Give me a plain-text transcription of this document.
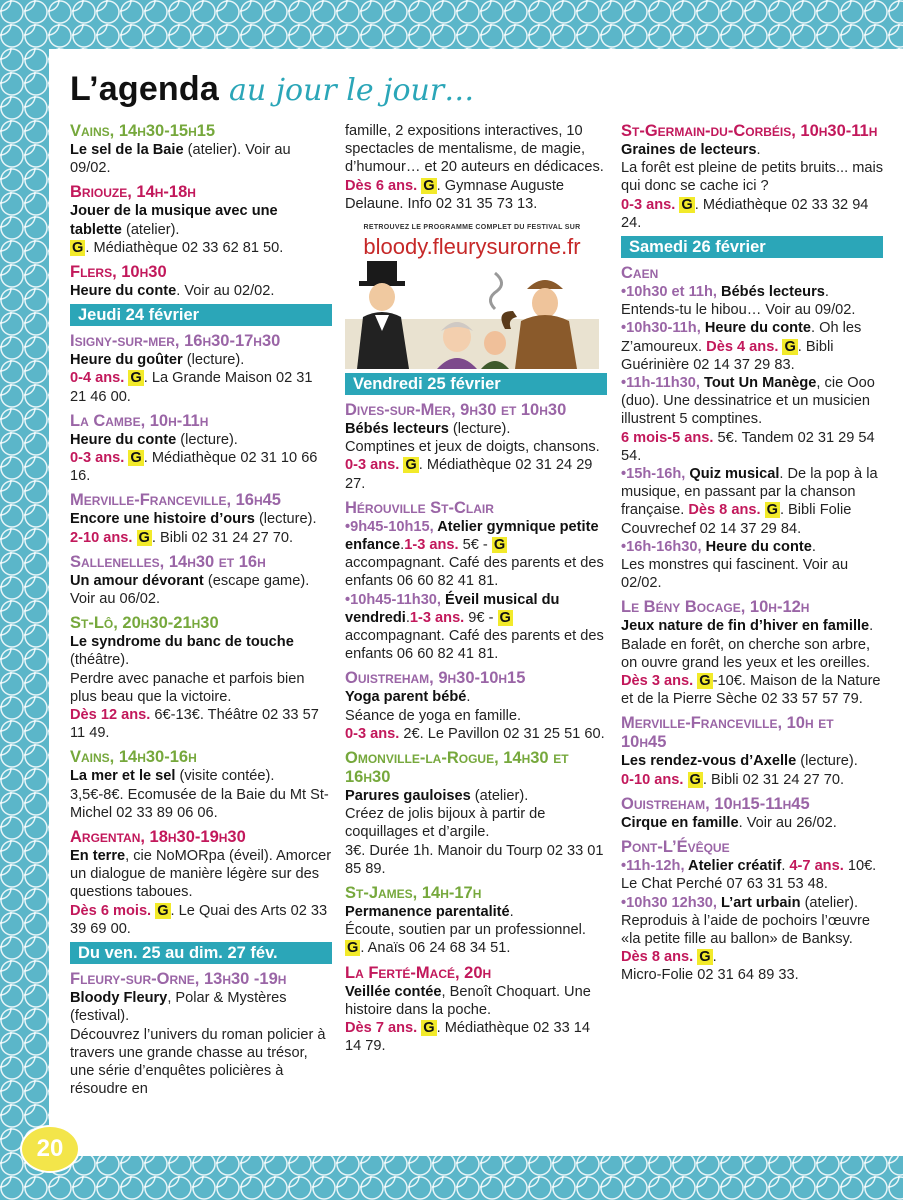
L’agenda au jour le jour…
Vains, 14h30-15h15
Le sel de la Baie (atelier). Voir au 09/02.
Briouze, 14h-18h
Jouer de la musique avec une tablette (atelier).
G . Médiathèque 02 33 62 81 50.
Flers, 10h30
Heure du conte. Voir au 02/02.
Jeudi 24 février
Isigny-sur-mer, 16h30-17h30
Heure du goûter (lecture).
0-4 ans. G . La Grande Maison 02 31 21 46 00.
La Cambe, 10h-11h
Heure du conte (lecture).
0-3 ans. G . Médiathèque 02 31 10 66 16.
Merville-Franceville, 16h45
Encore une histoire d’ours (lecture).
2-10 ans. G . Bibli 02 31 24 27 70.
Sallenelles, 14h30 et 16h
Un amour dévorant (escape game). Voir au 06/02.
St-Lô, 20h30-21h30
Le syndrome du banc de touche (théâtre).
Perdre avec panache et parfois bien plus beau que la victoire.
Dès 12 ans. 6€-13€. Théâtre 02 33 57 11 49.
Vains, 14h30-16h
La mer et le sel (visite contée).
3,5€-8€. Ecomusée de la Baie du Mt St-Michel 02 33 89 06 06.
Argentan, 18h30-19h30
En terre, cie NoMORpa (éveil). Amorcer un dialogue de manière légère sur des questions taboues.
Dès 6 mois. G . Le Quai des Arts 02 33 39 69 00.
Du ven. 25 au dim. 27 fév.
Fleury-sur-Orne, 13h30 -19h
Bloody Fleury, Polar & Mystères (festival).
Découvrez l’univers du roman policier à travers une grande chasse au trésor, une série d’enquêtes policières à résoudre en
famille, 2 expositions interactives, 10 spectacles de mentalisme, de magie, d’humour… et 20 auteurs en dédicaces.
Dès 6 ans. G . Gymnase Auguste Delaune. Info 02 31 35 73 13.
RETROUVEZ LE PROGRAMME COMPLET DU FESTIVAL SUR
bloody.fleurysurorne.fr
Vendredi 25 février
Dives-sur-Mer, 9h30 et 10h30
Bébés lecteurs (lecture).
Comptines et jeux de doigts, chansons.
0-3 ans. G . Médiathèque 02 31 24 29 27.
Hérouville St-Clair
•9h45-10h15, Atelier gymnique petite enfance.1-3 ans. 5€ - G accompagnant. Café des parents et des enfants 06 60 82 41 81.
•10h45-11h30, Éveil musical du vendredi.1-3 ans. 9€ - G accompagnant. Café des parents et des enfants 06 60 82 41 81.
Ouistreham, 9h30-10h15
Yoga parent bébé.
Séance de yoga en famille.
0-3 ans. 2€. Le Pavillon 02 31 25 51 60.
Omonville-la-Rogue, 14h30 et 16h30
Parures gauloises (atelier).
Créez de jolis bijoux à partir de coquillages et d’argile.
3€. Durée 1h. Manoir du Tourp 02 33 01 85 89.
St-James, 14h-17h
Permanence parentalité.
Écoute, soutien par un professionnel.
G . Anaïs 06 24 68 34 51.
La Ferté-Macé, 20h
Veillée contée, Benoît Choquart. Une histoire dans la poche.
Dès 7 ans. G . Médiathèque 02 33 14 14 79.
St-Germain-du-Corbéis, 10h30-11h
Graines de lecteurs.
La forêt est pleine de petits bruits... mais qui donc se cache ici ?
0-3 ans. G . Médiathèque 02 33 32 94 24.
Samedi 26 février
Caen
•10h30 et 11h, Bébés lecteurs.
Entends-tu le hibou… Voir au 09/02.
•10h30-11h, Heure du conte. Oh les Z’amoureux. Dès 4 ans. G . Bibli Guérinière 02 14 37 29 83.
•11h-11h30, Tout Un Manège, cie Ooo (duo). Une dessinatrice et un musicien illustrent 5 comptines.
6 mois-5 ans. 5€. Tandem 02 31 29 54 54.
•15h-16h, Quiz musical. De la pop à la musique, en passant par la chanson française. Dès 8 ans. G . Bibli Folie Couvrechef 02 14 37 29 84.
•16h-16h30, Heure du conte.
Les monstres qui fascinent. Voir au 02/02.
Le Bény Bocage, 10h-12h
Jeux nature de fin d’hiver en famille.
Balade en forêt, on cherche son arbre, on ouvre grand les yeux et les oreilles.
Dès 3 ans. G -10€. Maison de la Nature et de la Pierre Sèche 02 33 57 57 79.
Merville-Franceville, 10h et 10h45
Les rendez-vous d’Axelle (lecture).
0-10 ans. G . Bibli 02 31 24 27 70.
Ouistreham, 10h15-11h45
Cirque en famille. Voir au 26/02.
Pont-L’Évêque
•11h-12h, Atelier créatif. 4-7 ans. 10€. Le Chat Perché 07 63 31 53 48.
•10h30 12h30, L’art urbain (atelier). Reproduis à l’aide de pochoirs l’œuvre «la petite fille au ballon» de Banksy. Dès 8 ans. G .
Micro-Folie 02 31 64 89 33.
20
